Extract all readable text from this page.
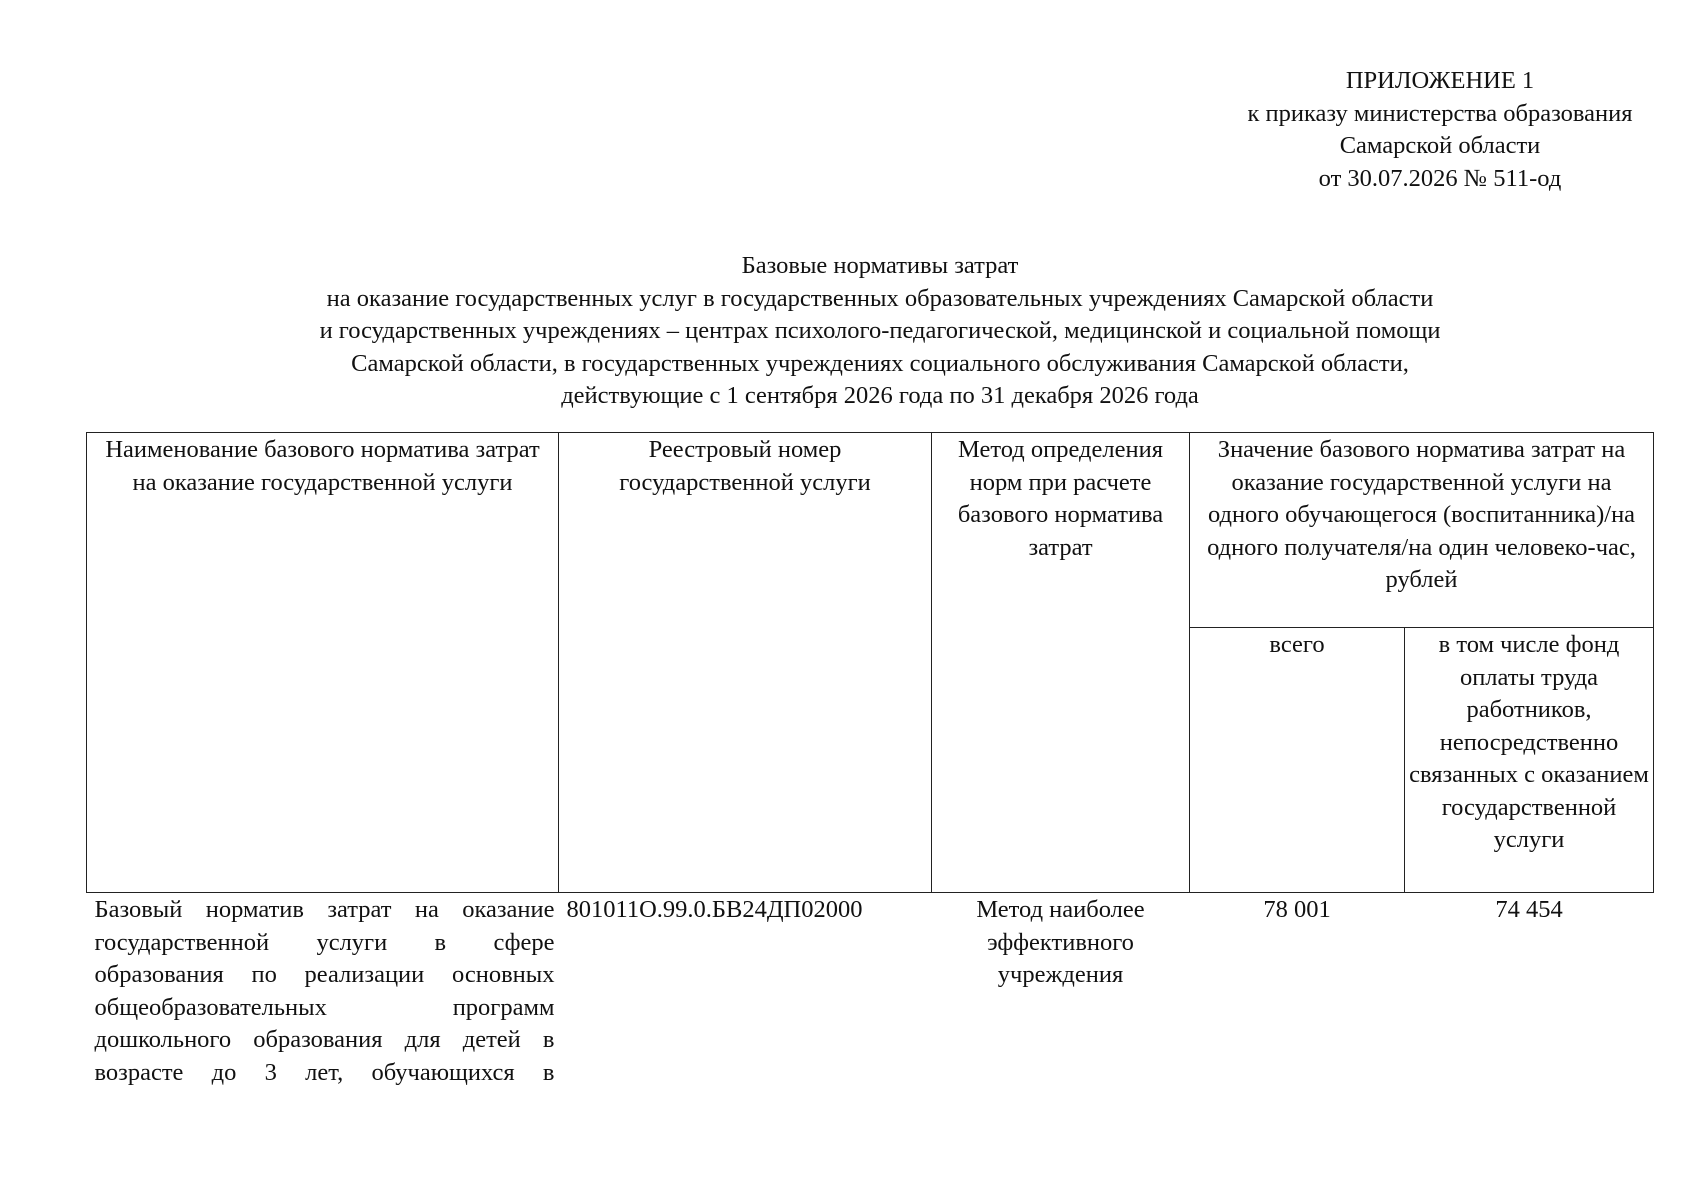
ПРИЛОЖЕНИЕ 1
к приказу министерства образования
Самарской области
от 30.07.2026 № 511-од
Базовые нормативы затрат
на оказание государственных услуг в государственных образовательных учреждениях Самарской области
и государственных учреждениях – центрах психолого-педагогической, медицинской и социальной помощи
Самарской области, в государственных учреждениях социального обслуживания Самарской области,
действующие с 1 сентября 2026 года по 31 декабря 2026 года
Наименование базового норматива затрат на оказание государственной услуги	Реестровый номер государственной услуги	Метод определения норм при расчете базового норматива затрат	Значение базового норматива затрат на оказание государственной услуги на одного обучающегося (воспитанника)/на одного получателя/на один человеко-час, рублей	
			всего	в том числе фонд оплаты труда работников, непосредственно связанных с оказанием государственной услуги
Базовый норматив затрат на оказание государственной услуги в сфере образования по реализации основных общеобразовательных программ дошкольного образования для детей в возрасте до 3 лет, обучающихся в	801011О.99.0.БВ24ДП02000	Метод наиболее эффективного учреждения	78 001	74 454
